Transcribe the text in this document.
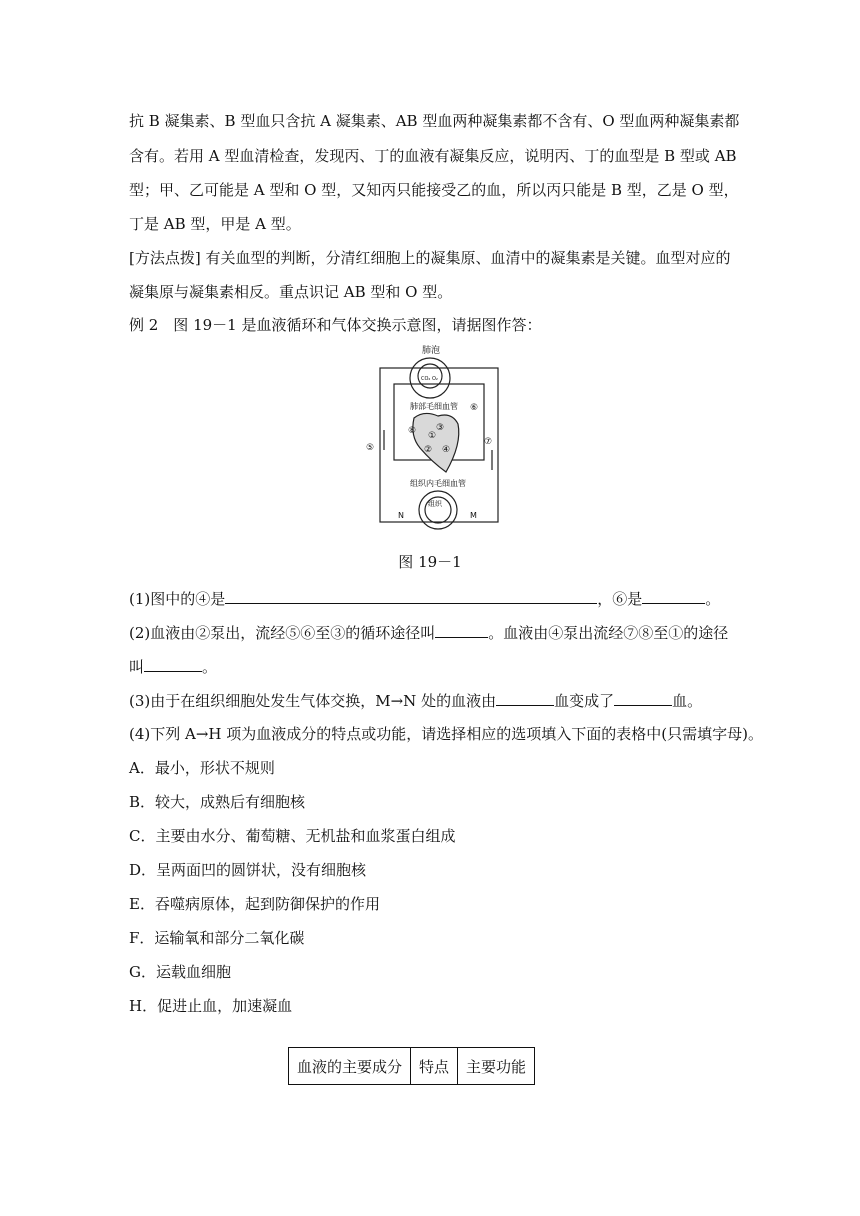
抗 B 凝集素、B 型血只含抗 A 凝集素、AB 型血两种凝集素都不含有、O 型血两种凝集素都
含有。若用 A 型血清检查，发现丙、丁的血液有凝集反应，说明丙、丁的血型是 B 型或 AB
型；甲、乙可能是 A 型和 O 型，又知丙只能接受乙的血，所以丙只能是 B 型，乙是 O 型，
丁是 AB 型，甲是 A 型。
[方法点拨] 有关血型的判断，分清红细胞上的凝集原、血清中的凝集素是关键。血型对应的
凝集原与凝集素相反。重点识记 AB 型和 O 型。
例 2　图 19－1 是血液循环和气体交换示意图，请据图作答：
肺泡
肺部毛细血管
组织内毛细血管
组织
CO₂ O₂
N	M
①
②
③
④
⑤
⑥
⑦
⑧
图 19－1
(1)图中的④是	，⑥是	。
(2)血液由②泵出，流经⑤⑥至③的循环途径叫	。血液由④泵出流经⑦⑧至①的途径
叫	。
(3)由于在组织细胞处发生气体交换，M→N 处的血液由	血变成了	血。
(4)下列 A→H 项为血液成分的特点或功能，请选择相应的选项填入下面的表格中(只需填字母)。
A．最小，形状不规则
B．较大，成熟后有细胞核
C．主要由水分、葡萄糖、无机盐和血浆蛋白组成
D．呈两面凹的圆饼状，没有细胞核
E．吞噬病原体，起到防御保护的作用
F．运输氧和部分二氧化碳
G．运载血细胞
H．促进止血，加速凝血
血液的主要成分	特点	主要功能
